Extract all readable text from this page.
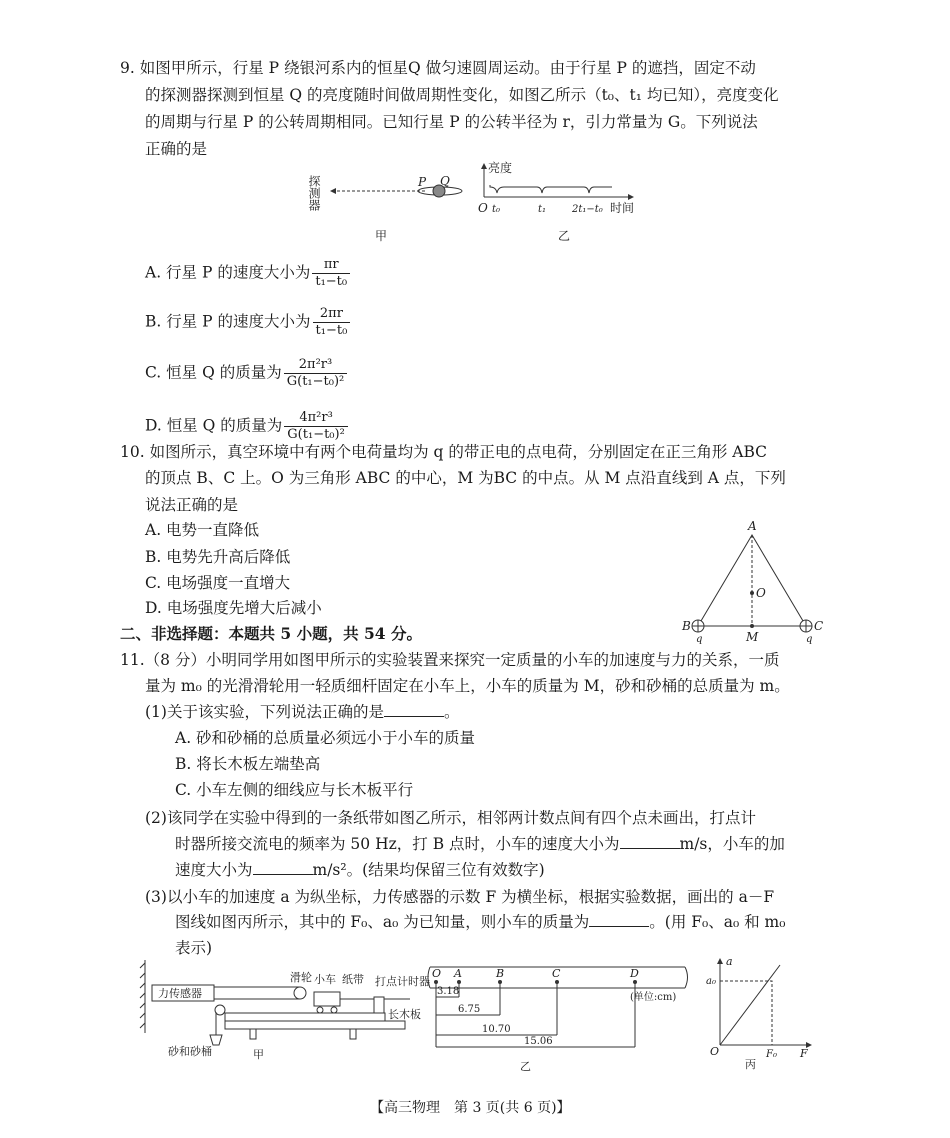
9. 如图甲所示，行星 P 绕银河系内的恒星Q 做匀速圆周运动。由于行星 P 的遮挡，固定不动
的探测器探测到恒星 Q 的亮度随时间做周期性变化，如图乙所示（t₀、t₁ 均已知），亮度变化
的周期与行星 P 的公转周期相同。已知行星 P 的公转半径为 r，引力常量为 G。下列说法
正确的是
探测器	P Q
甲
亮度
O t₀	t₁	2t₁−t₀ 时间
乙
A. 行星 P 的速度大小为 $\frac{\pi r}{\text{t₁−t₀}}$
B. 行星 P 的速度大小为 $\frac{2\pi r}{\text{t₁−t₀}}$
C. 恒星 Q 的质量为 $\frac{\text{2π²r³}}{\text{G(t₁−t₀)²}}$
D. 恒星 Q 的质量为 $\frac{\text{4π²r³}}{\text{G(t₁−t₀)²}}$
10. 如图所示，真空环境中有两个电荷量均为 q 的带正电的点电荷，分别固定在正三角形 ABC
的顶点 B、C 上。O 为三角形 ABC 的中心，M 为BC 的中点。从 M 点沿直线到 A 点，下列
说法正确的是
A. 电势一直降低
B. 电势先升高后降低
C. 电场强度一直增大
D. 电场强度先增大后减小
A
O
M
B	C
q	q
二、非选择题：本题共 5 小题，共 54 分。
11.（8 分）小明同学用如图甲所示的实验装置来探究一定质量的小车的加速度与力的关系，一质
量为 m₀ 的光滑滑轮用一轻质细杆固定在小车上，小车的质量为 M，砂和砂桶的总质量为 m。
(1)关于该实验，下列说法正确的是	。
A. 砂和砂桶的总质量必须远小于小车的质量
B. 将长木板左端垫高
C. 小车左侧的细线应与长木板平行
(2)该同学在实验中得到的一条纸带如图乙所示，相邻两计数点间有四个点未画出，打点计
时器所接交流电的频率为 50 Hz，打 B 点时，小车的速度大小为	m/s，小车的加
速度大小为	m/s²。(结果均保留三位有效数字)
(3)以小车的加速度 a 为纵坐标，力传感器的示数 F 为横坐标，根据实验数据，画出的 a－F
图线如图丙所示，其中的 F₀、a₀ 为已知量，则小车的质量为	。(用 F₀、a₀ 和 m₀
表示)
力传感器
滑轮 小车 纸带 打点计时器
长木板
砂和砂桶	甲
O A	B	C	D
3.18
6.75
10.70
15.06
(单位:cm)
乙
a
a₀
O	F₀ F
丙
【高三物理　第 3 页(共 6 页)】
